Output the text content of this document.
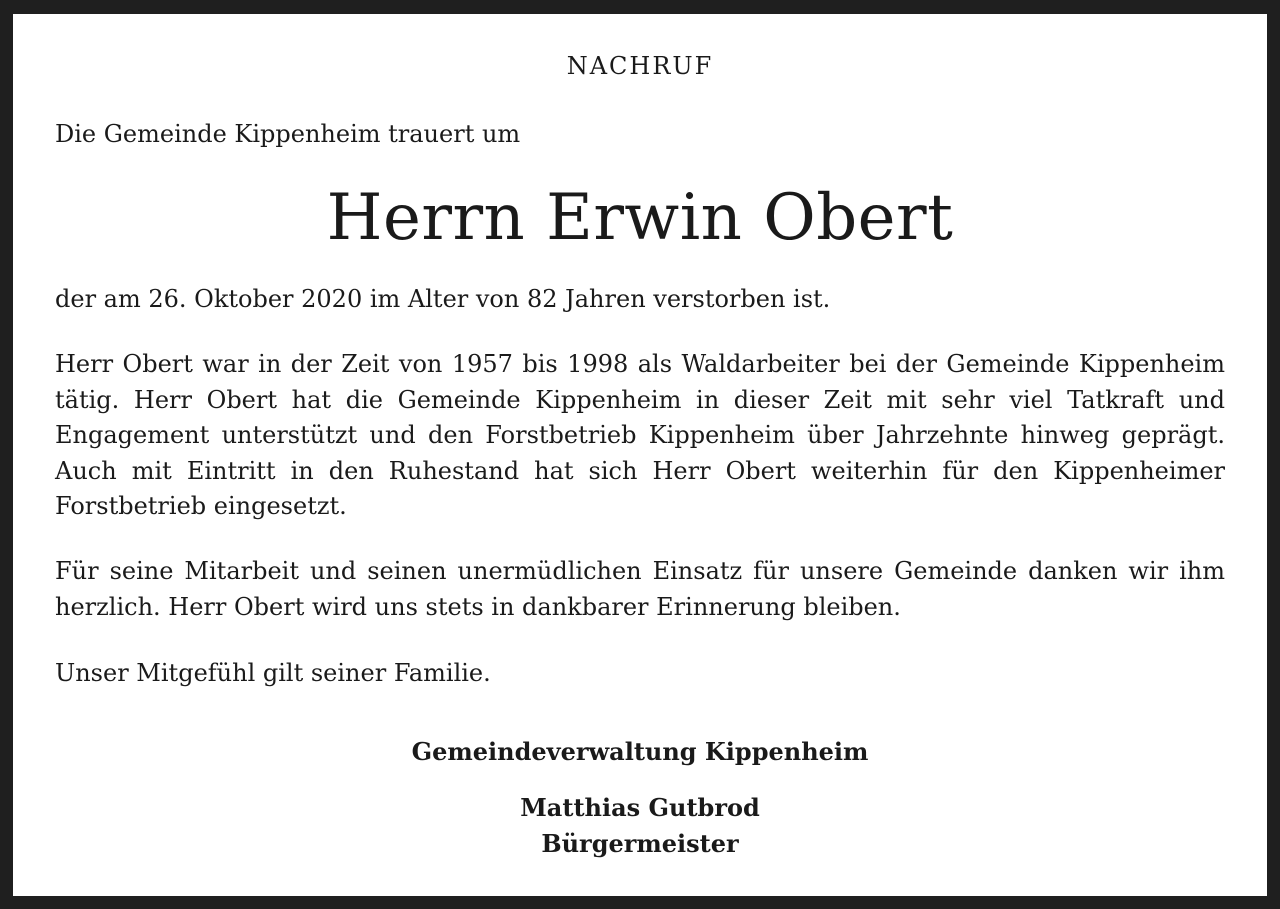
NACHRUF
Die Gemeinde Kippenheim trauert um
Herrn Erwin Obert
der am 26. Oktober 2020 im Alter von 82 Jahren verstorben ist.
Herr Obert war in der Zeit von 1957 bis 1998 als Waldarbeiter bei der Gemeinde Kippenheim tätig. Herr Obert hat die Gemeinde Kippenheim in dieser Zeit mit sehr viel Tatkraft und Engagement unterstützt und den Forstbetrieb Kippenheim über Jahrzehnte hinweg geprägt. Auch mit Eintritt in den Ruhestand hat sich Herr Obert weiterhin für den Kippenheimer Forstbetrieb eingesetzt.
Für seine Mitarbeit und seinen unermüdlichen Einsatz für unsere Gemeinde danken wir ihm herzlich. Herr Obert wird uns stets in dankbarer Erinnerung bleiben.
Unser Mitgefühl gilt seiner Familie.
Gemeindeverwaltung Kippenheim
Matthias Gutbrod
Bürgermeister
